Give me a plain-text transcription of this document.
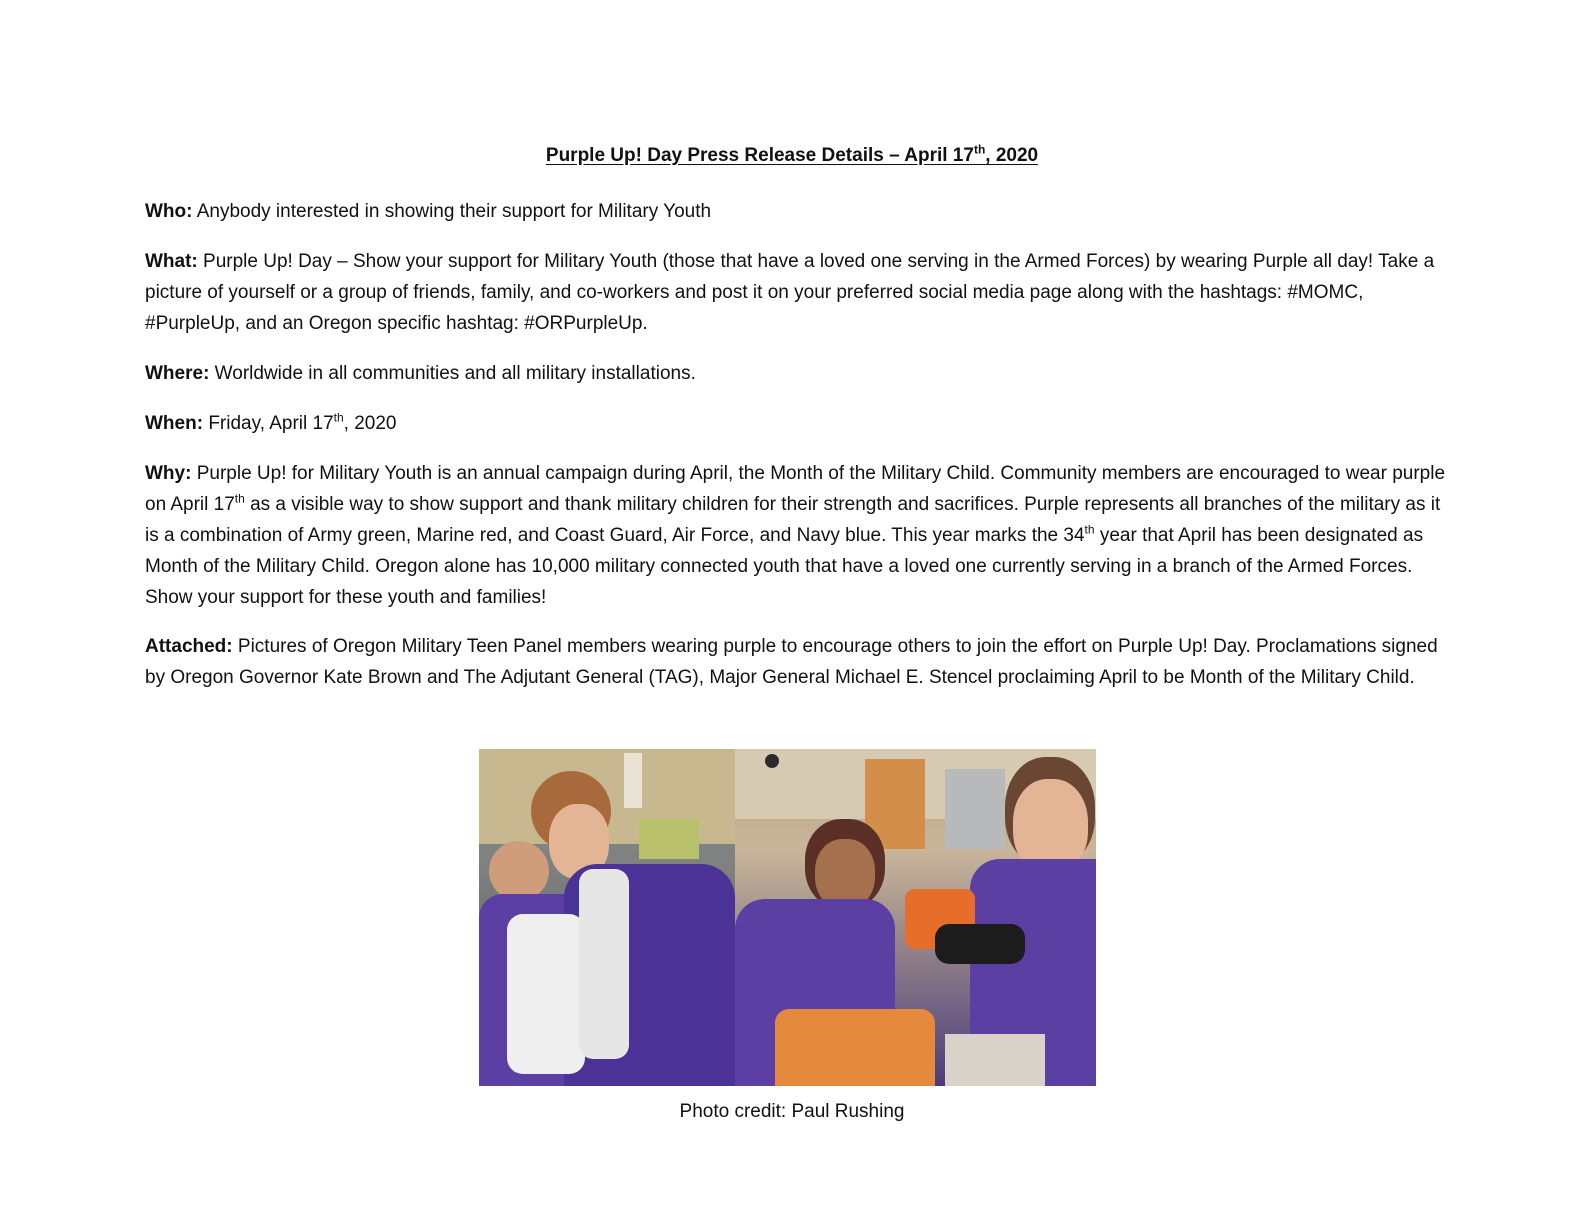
Purple Up! Day Press Release Details – April 17th, 2020
Who: Anybody interested in showing their support for Military Youth
What: Purple Up! Day – Show your support for Military Youth (those that have a loved one serving in the Armed Forces) by wearing Purple all day! Take a picture of yourself or a group of friends, family, and co-workers and post it on your preferred social media page along with the hashtags: #MOMC, #PurpleUp, and an Oregon specific hashtag: #ORPurpleUp.
Where: Worldwide in all communities and all military installations.
When: Friday, April 17th, 2020
Why: Purple Up! for Military Youth is an annual campaign during April, the Month of the Military Child. Community members are encouraged to wear purple on April 17th as a visible way to show support and thank military children for their strength and sacrifices. Purple represents all branches of the military as it is a combination of Army green, Marine red, and Coast Guard, Air Force, and Navy blue. This year marks the 34th year that April has been designated as Month of the Military Child. Oregon alone has 10,000 military connected youth that have a loved one currently serving in a branch of the Armed Forces. Show your support for these youth and families!
Attached: Pictures of Oregon Military Teen Panel members wearing purple to encourage others to join the effort on Purple Up! Day. Proclamations signed by Oregon Governor Kate Brown and The Adjutant General (TAG), Major General Michael E. Stencel proclaiming April to be Month of the Military Child.
Photo credit: Paul Rushing
